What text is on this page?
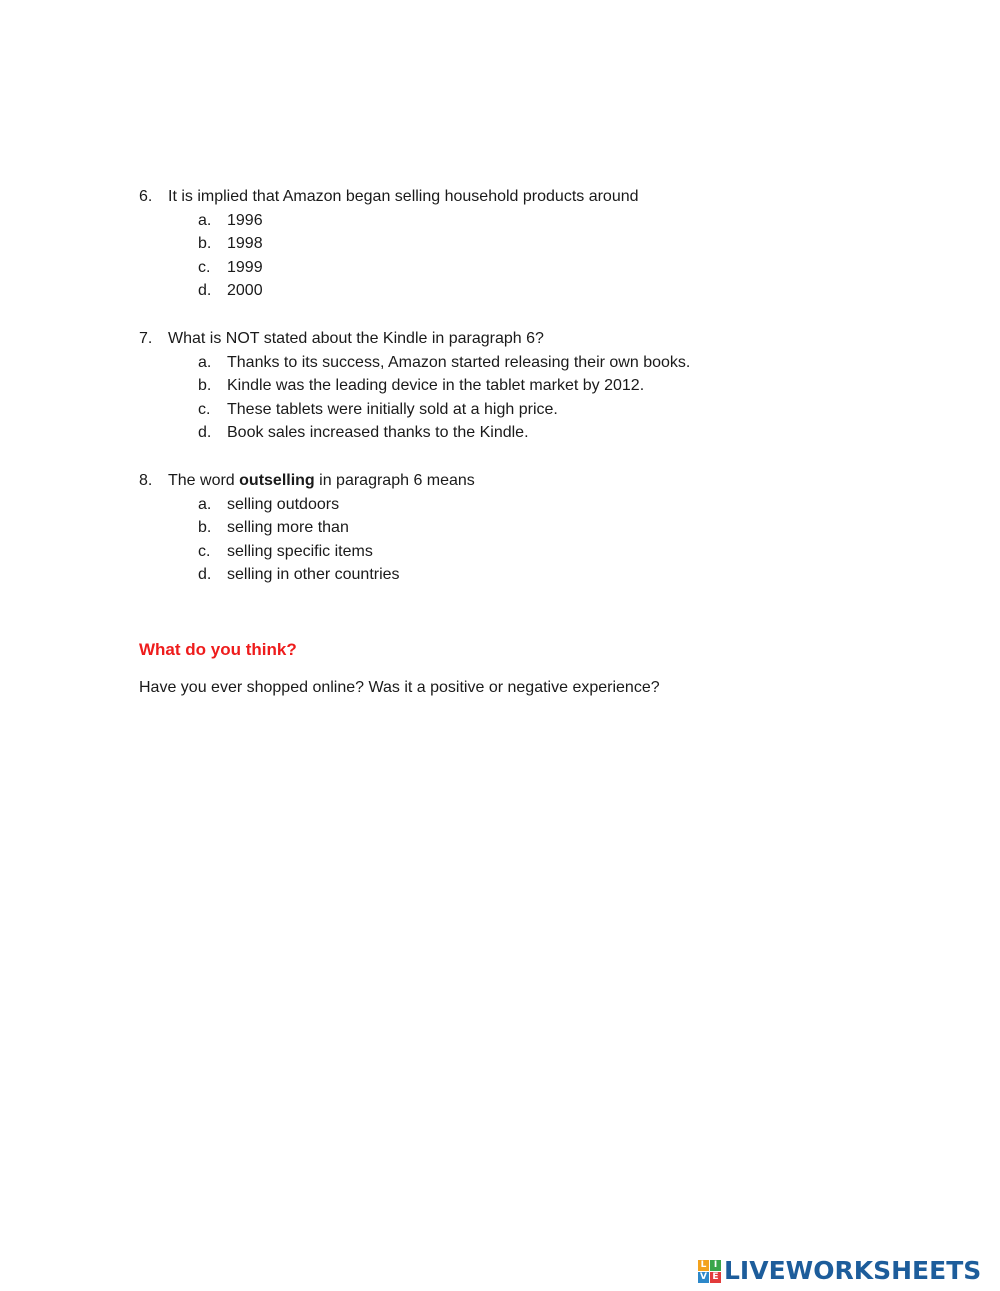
6. It is implied that Amazon began selling household products around
a. 1996
b. 1998
c. 1999
d. 2000
7. What is NOT stated about the Kindle in paragraph 6?
a. Thanks to its success, Amazon started releasing their own books.
b. Kindle was the leading device in the tablet market by 2012.
c. These tablets were initially sold at a high price.
d. Book sales increased thanks to the Kindle.
8. The word outselling in paragraph 6 means
a. selling outdoors
b. selling more than
c. selling specific items
d. selling in other countries
What do you think?
Have you ever shopped online? Was it a positive or negative experience?
L I
V E LIVEWORKSHEETS
